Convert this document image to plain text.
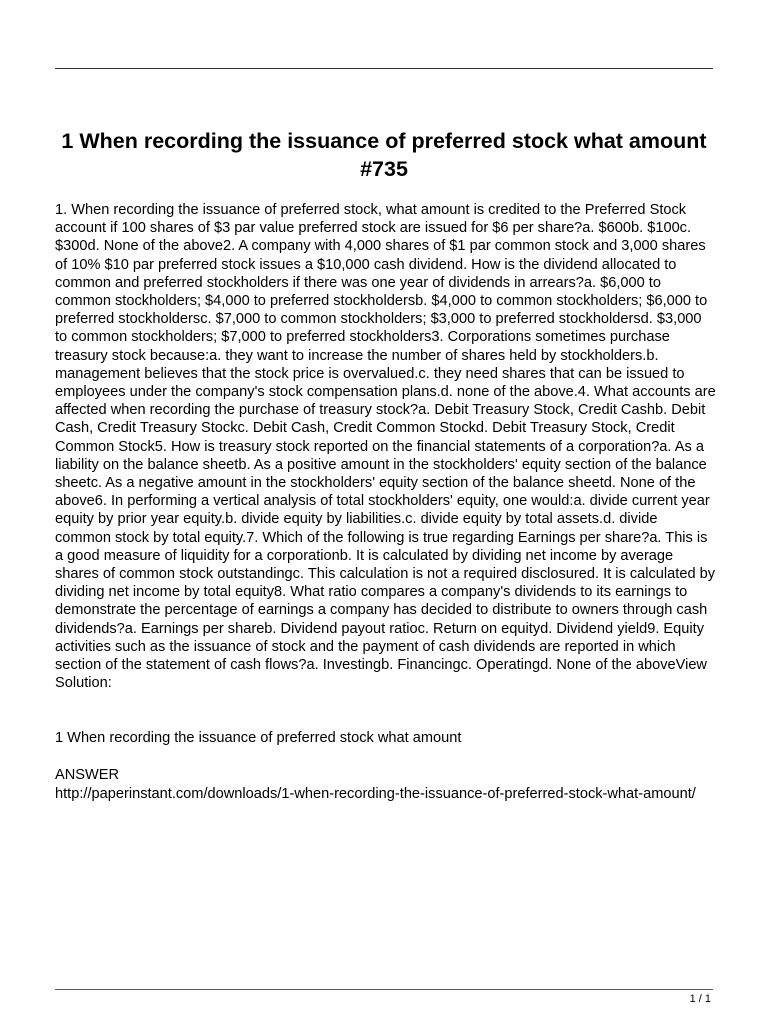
1 When recording the issuance of preferred stock what amount #735

1. When recording the issuance of preferred stock, what amount is credited to the Preferred Stock account if 100 shares of $3 par value preferred stock are issued for $6 per share?a. $600b. $100c. $300d. None of the above2. A company with 4,000 shares of $1 par common stock and 3,000 shares of 10% $10 par preferred stock issues a $10,000 cash dividend. How is the dividend allocated to common and preferred stockholders if there was one year of dividends in arrears?a. $6,000 to common stockholders; $4,000 to preferred stockholdersb. $4,000 to common stockholders; $6,000 to preferred stockholdersc. $7,000 to common stockholders; $3,000 to preferred stockholdersd. $3,000 to common stockholders; $7,000 to preferred stockholders3. Corporations sometimes purchase treasury stock because:a. they want to increase the number of shares held by stockholders.b. management believes that the stock price is overvalued.c. they need shares that can be issued to employees under the company's stock compensation plans.d. none of the above.4. What accounts are affected when recording the purchase of treasury stock?a. Debit Treasury Stock, Credit Cashb. Debit Cash, Credit Treasury Stockc. Debit Cash, Credit Common Stockd. Debit Treasury Stock, Credit Common Stock5. How is treasury stock reported on the financial statements of a corporation?a. As a liability on the balance sheetb. As a positive amount in the stockholders' equity section of the balance sheetc. As a negative amount in the stockholders' equity section of the balance sheetd. None of the above6. In performing a vertical analysis of total stockholders' equity, one would:a. divide current year equity by prior year equity.b. divide equity by liabilities.c. divide equity by total assets.d. divide common stock by total equity.7. Which of the following is true regarding Earnings per share?a. This is a good measure of liquidity for a corporationb. It is calculated by dividing net income by average shares of common stock outstandingc. This calculation is not a required disclosured. It is calculated by dividing net income by total equity8. What ratio compares a company's dividends to its earnings to demonstrate the percentage of earnings a company has decided to distribute to owners through cash dividends?a. Earnings per shareb. Dividend payout ratioc. Return on equityd. Dividend yield9. Equity activities such as the issuance of stock and the payment of cash dividends are reported in which section of the statement of cash flows?a. Investingb. Financingc. Operatingd. None of the aboveView Solution:

1 When recording the issuance of preferred stock what amount

ANSWER

http://paperinstant.com/downloads/1-when-recording-the-issuance-of-preferred-stock-what-amount/
1 / 1
